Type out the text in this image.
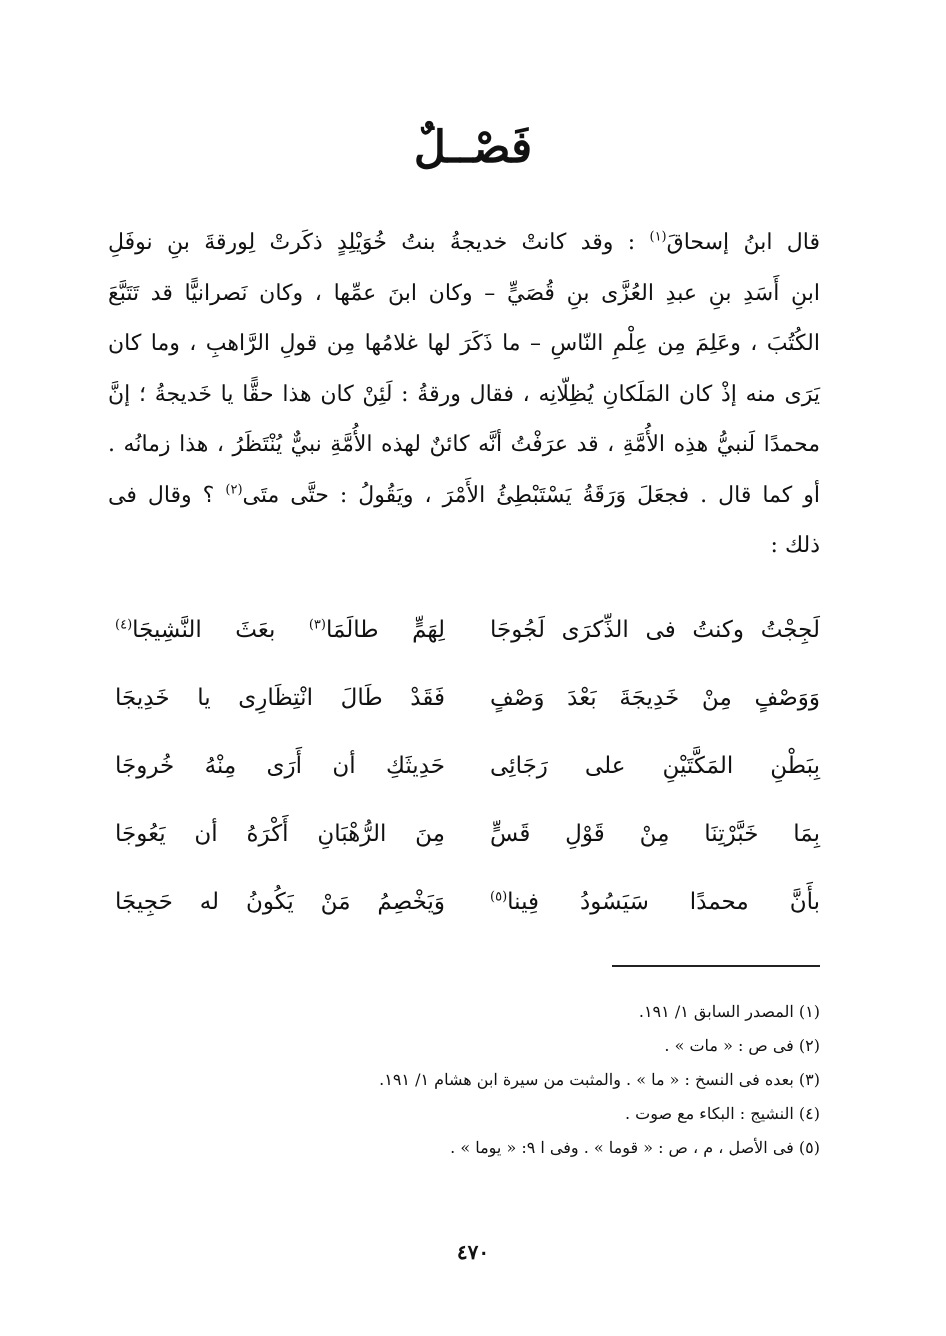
فَصْــلٌ
قال ابنُ إسحاقَ$^{(١)}$ : وقد كانتْ خديجةُ بنتُ خُوَيْلِدٍ ذكَرتْ لِورقةَ بنِ نوفَلِ
ابنِ أَسَدِ بنِ عبدِ العُزَّى بنِ قُصَيٍّ – وكان ابنَ عمِّها ، وكان نَصرانيًّا قد تَتَبَّعَ
الكُتُبَ ، وعَلِمَ مِن عِلْمِ النّاسِ – ما ذَكَرَ لها غلامُها مِن قولِ الرَّاهبِ ، وما كان
يَرَى منه إذْ كان المَلَكانِ يُظِلّانِه ، فقال ورقةُ : لَئِنْ كان هذا حقًّا يا خَديجةُ ؛ إنَّ
محمدًا لَنبيُّ هذِه الأُمَّةِ ، قد عرَفْتُ أنَّه كائنٌ لهذه الأُمَّةِ نبيٌّ يُنْتَظَرُ ، هذا زمانُه .
أو كما قال . فجعَلَ وَرَقَةُ يَسْتَبْطِئُ الأَمْرَ ، ويَقُولُ : حتَّى متَى$^{(٢)}$ ؟ وقال فى
ذلك :
لَجِجْتُ وكنتُ فى الذِّكرَى لَجُوجَا
لِهَمٍّ طالَمَا$^{(٣)}$ بعَثَ النَّشِيجَا$^{(٤)}$
وَوَصْفٍ مِنْ خَدِيجَةَ بَعْدَ وَصْفٍ
فَقَدْ طَالَ انْتِظَارِى يا خَدِيجَا
بِبَطْنِ المَكَّتَيْنِ على رَجَائِى
حَدِيثَكِ أن أَرَى مِنْهُ خُروجَا
بِمَا خَبَّرْتِنَا مِنْ قَوْلِ قَسٍّ
مِنَ الرُّهْبَانِ أَكْرَهُ أن يَعُوجَا
بأَنَّ محمدًا سَيَسُودُ فِينا$^{(٥)}$
وَيَخْصِمُ مَنْ يَكُونُ له حَجِيجَا
(١) المصدر السابق ١/ ١٩١.
(٢) فى ص : « مات » .
(٣) بعده فى النسخ : « ما » . والمثبت من سيرة ابن هشام ١/ ١٩١.
(٤) النشيج : البكاء مع صوت .
(٥) فى الأصل ، م ، ص : « قوما » . وفى ا ٩: « يوما » .
٤٧٠
